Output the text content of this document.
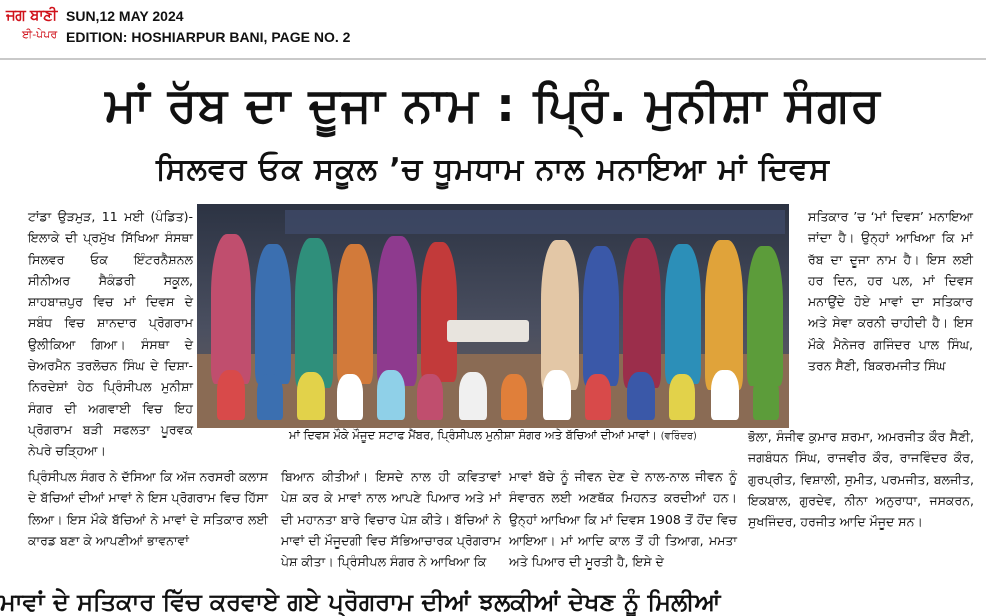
ਜਗ ਬਾਣੀ
ਈ-ਪੇਪਰ
SUN,12 MAY 2024
EDITION: HOSHIARPUR BANI, PAGE NO. 2
ਮਾਂ ਰੱਬ ਦਾ ਦੂਜਾ ਨਾਮ : ਪ੍ਰਿੰ. ਮੁਨੀਸ਼ਾ ਸੰਗਰ
ਸਿਲਵਰ ਓਕ ਸਕੂਲ ’ਚ ਧੂਮਧਾਮ ਨਾਲ ਮਨਾਇਆ ਮਾਂ ਦਿਵਸ

ਟਾਂਡਾ ਉੜਮੁੜ, 11 ਮਈ (ਪੰਡਿਤ)-ਇਲਾਕੇ ਦੀ ਪ੍ਰਮੁੱਖ ਸਿੱਖਿਆ ਸੰਸਥਾ ਸਿਲਵਰ ਓਕ ਇੰਟਰਨੈਸ਼ਨਲ ਸੀਨੀਅਰ ਸੈਕੰਡਰੀ ਸਕੂਲ, ਸ਼ਾਹਬਾਜ਼ਪੁਰ ਵਿਚ ਮਾਂ ਦਿਵਸ ਦੇ ਸਬੰਧ ਵਿਚ ਸ਼ਾਨਦਾਰ ਪ੍ਰੋਗਰਾਮ ਉਲੀਕਿਆ ਗਿਆ। ਸੰਸਥਾ ਦੇ ਚੇਅਰਮੈਨ ਤਰਲੋਚਨ ਸਿੰਘ ਦੇ ਦਿਸ਼ਾ-ਨਿਰਦੇਸ਼ਾਂ ਹੇਠ ਪ੍ਰਿੰਸੀਪਲ ਮੁਨੀਸ਼ਾ ਸੰਗਰ ਦੀ ਅਗਵਾਈ ਵਿਚ ਇਹ ਪ੍ਰੋਗਰਾਮ ਬੜੀ ਸਫਲਤਾ ਪੂਰਵਕ ਨੇਪਰੇ ਚੜ੍ਹਿਆ।

ਮਾਂ ਦਿਵਸ ਮੌਕੇ ਮੌਜੂਦ ਸਟਾਫ ਮੈਂਬਰ, ਪ੍ਰਿੰਸੀਪਲ ਮੁਨੀਸ਼ਾ ਸੰਗਰ ਅਤੇ ਬੱਚਿਆਂ ਦੀਆਂ ਮਾਵਾਂ। (ਵਰਿੰਦਰ)

ਸਤਿਕਾਰ ’ਚ ‘ਮਾਂ ਦਿਵਸ’ ਮਨਾਇਆ ਜਾਂਦਾ ਹੈ। ਉਨ੍ਹਾਂ ਆਖਿਆ ਕਿ ਮਾਂ ਰੱਬ ਦਾ ਦੂਜਾ ਨਾਮ ਹੈ। ਇਸ ਲਈ ਹਰ ਦਿਨ, ਹਰ ਪਲ, ਮਾਂ ਦਿਵਸ ਮਨਾਉਂਦੇ ਹੋਏ ਮਾਵਾਂ ਦਾ ਸਤਿਕਾਰ ਅਤੇ ਸੇਵਾ ਕਰਨੀ ਚਾਹੀਦੀ ਹੈ। ਇਸ ਮੌਕੇ ਮੈਨੇਜਰ ਗਜਿੰਦਰ ਪਾਲ ਸਿੰਘ, ਤਰਨ ਸੈਣੀ, ਬਿਕਰਮਜੀਤ ਸਿੰਘ

ਪ੍ਰਿੰਸੀਪਲ ਸੰਗਰ ਨੇ ਦੱਸਿਆ ਕਿ ਅੱਜ ਨਰਸਰੀ ਕਲਾਸ ਦੇ ਬੱਚਿਆਂ ਦੀਆਂ ਮਾਵਾਂ ਨੇ ਇਸ ਪ੍ਰੋਗਰਾਮ ਵਿਚ ਹਿੱਸਾ ਲਿਆ। ਇਸ ਮੌਕੇ ਬੱਚਿਆਂ ਨੇ ਮਾਵਾਂ ਦੇ ਸਤਿਕਾਰ ਲਈ ਕਾਰਡ ਬਣਾ ਕੇ ਆਪਣੀਆਂ ਭਾਵਨਾਵਾਂ

ਬਿਆਨ ਕੀਤੀਆਂ। ਇਸਦੇ ਨਾਲ ਹੀ ਕਵਿਤਾਵਾਂ ਪੇਸ਼ ਕਰ ਕੇ ਮਾਵਾਂ ਨਾਲ ਆਪਣੇ ਪਿਆਰ ਅਤੇ ਮਾਂ ਦੀ ਮਹਾਨਤਾ ਬਾਰੇ ਵਿਚਾਰ ਪੇਸ਼ ਕੀਤੇ। ਬੱਚਿਆਂ ਨੇ ਮਾਵਾਂ ਦੀ ਮੌਜੂਦਗੀ ਵਿਚ ਸੱਭਿਆਚਾਰਕ ਪ੍ਰੋਗਰਾਮ ਪੇਸ਼ ਕੀਤਾ। ਪ੍ਰਿੰਸੀਪਲ ਸੰਗਰ ਨੇ ਆਖਿਆ ਕਿ

ਮਾਵਾਂ ਬੱਚੇ ਨੂੰ ਜੀਵਨ ਦੇਣ ਦੇ ਨਾਲ-ਨਾਲ ਜੀਵਨ ਨੂੰ ਸੰਵਾਰਨ ਲਈ ਅਣਥੱਕ ਮਿਹਨਤ ਕਰਦੀਆਂ ਹਨ। ਉਨ੍ਹਾਂ ਆਖਿਆ ਕਿ ਮਾਂ ਦਿਵਸ 1908 ਤੋਂ ਹੋਂਦ ਵਿਚ ਆਇਆ। ਮਾਂ ਆਦਿ ਕਾਲ ਤੋਂ ਹੀ ਤਿਆਗ, ਮਮਤਾ ਅਤੇ ਪਿਆਰ ਦੀ ਮੂਰਤੀ ਹੈ, ਇਸੇ ਦੇ

ਭੋਲਾ, ਸੰਜੀਵ ਕੁਮਾਰ ਸ਼ਰਮਾ, ਅਮਰਜੀਤ ਕੌਰ ਸੈਣੀ, ਜਗਬੰਧਨ ਸਿੰਘ, ਰਾਜਵੀਰ ਕੌਰ, ਰਾਜਵਿੰਦਰ ਕੌਰ, ਗੁਰਪ੍ਰੀਤ, ਵਿਸ਼ਾਲੀ, ਸੁਮੀਤ, ਪਰਮਜੀਤ, ਬਲਜੀਤ, ਇਕਬਾਲ, ਗੁਰਦੇਵ, ਨੀਨਾ ਅਨੁਰਾਧਾ, ਜਸਕਰਨ, ਸੁਖਜਿੰਦਰ, ਹਰਜੀਤ ਆਦਿ ਮੌਜੂਦ ਸਨ।

ਮਾਵਾਂ ਦੇ ਸਤਿਕਾਰ ਵਿੱਚ ਕਰਵਾਏ ਗਏ ਪ੍ਰੋਗਰਾਮ ਦੀਆਂ ਝਲਕੀਆਂ ਦੇਖਣ ਨੂੰ ਮਿਲੀਆਂ
